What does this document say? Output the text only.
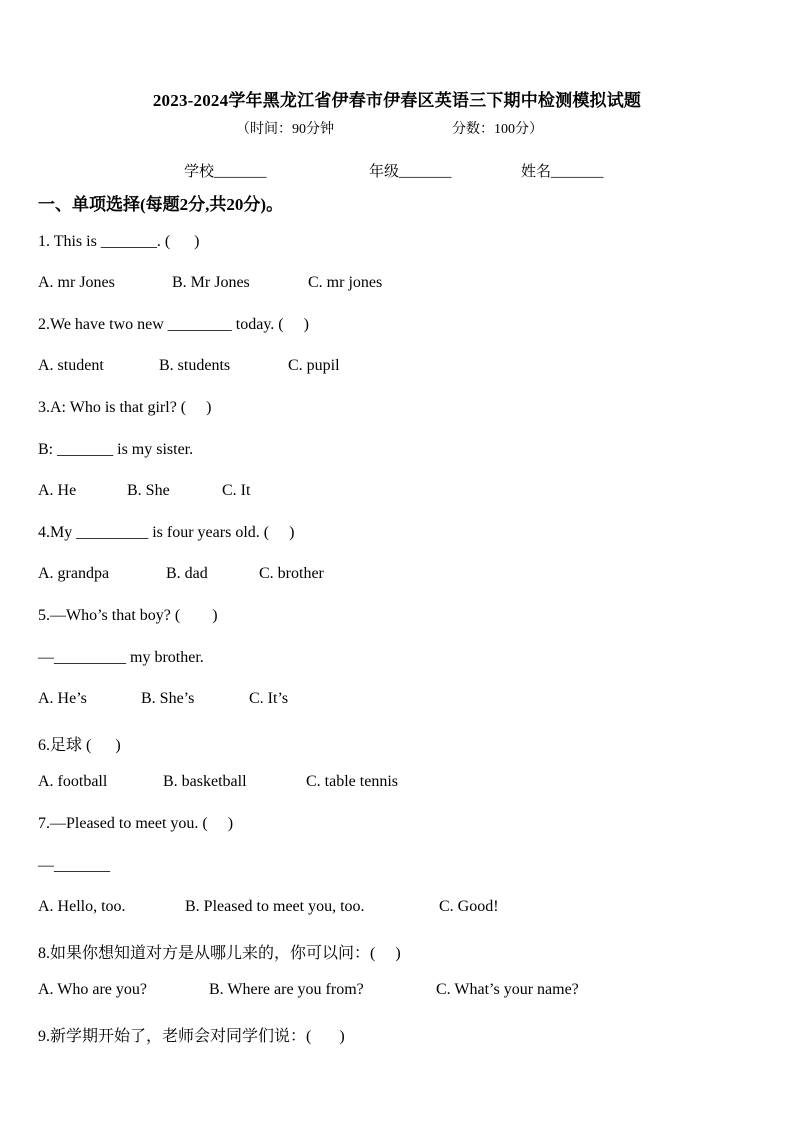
2023-2024学年黑龙江省伊春市伊春区英语三下期中检测模拟试题
（时间：90分钟	分数：100分）
学校_______	年级_______	姓名_______
一、单项选择(每题2分,共20分)。
1. This is _______. (      )
A. mr Jones	B. Mr Jones	C. mr jones
2.We have two new ________ today. (     )
A. student	B. students	C. pupil
3.A: Who is that girl? (     )
B: _______ is my sister.
A. He	B. She	C. It
4.My _________ is four years old. (     )
A. grandpa	B. dad	C. brother
5.—Who’s that boy? (        )
—_________ my brother.
A. He’s	B. She’s	C. It’s
6.足球 (      )
A. football	B. basketball	C. table tennis
7.—Pleased to meet you. (     )
—_______
A. Hello, too.	B. Pleased to meet you, too.	C. Good!
8.如果你想知道对方是从哪儿来的，你可以问：(     )
A. Who are you?	B. Where are you from?	C. What’s your name?
9.新学期开始了，老师会对同学们说：(       )
